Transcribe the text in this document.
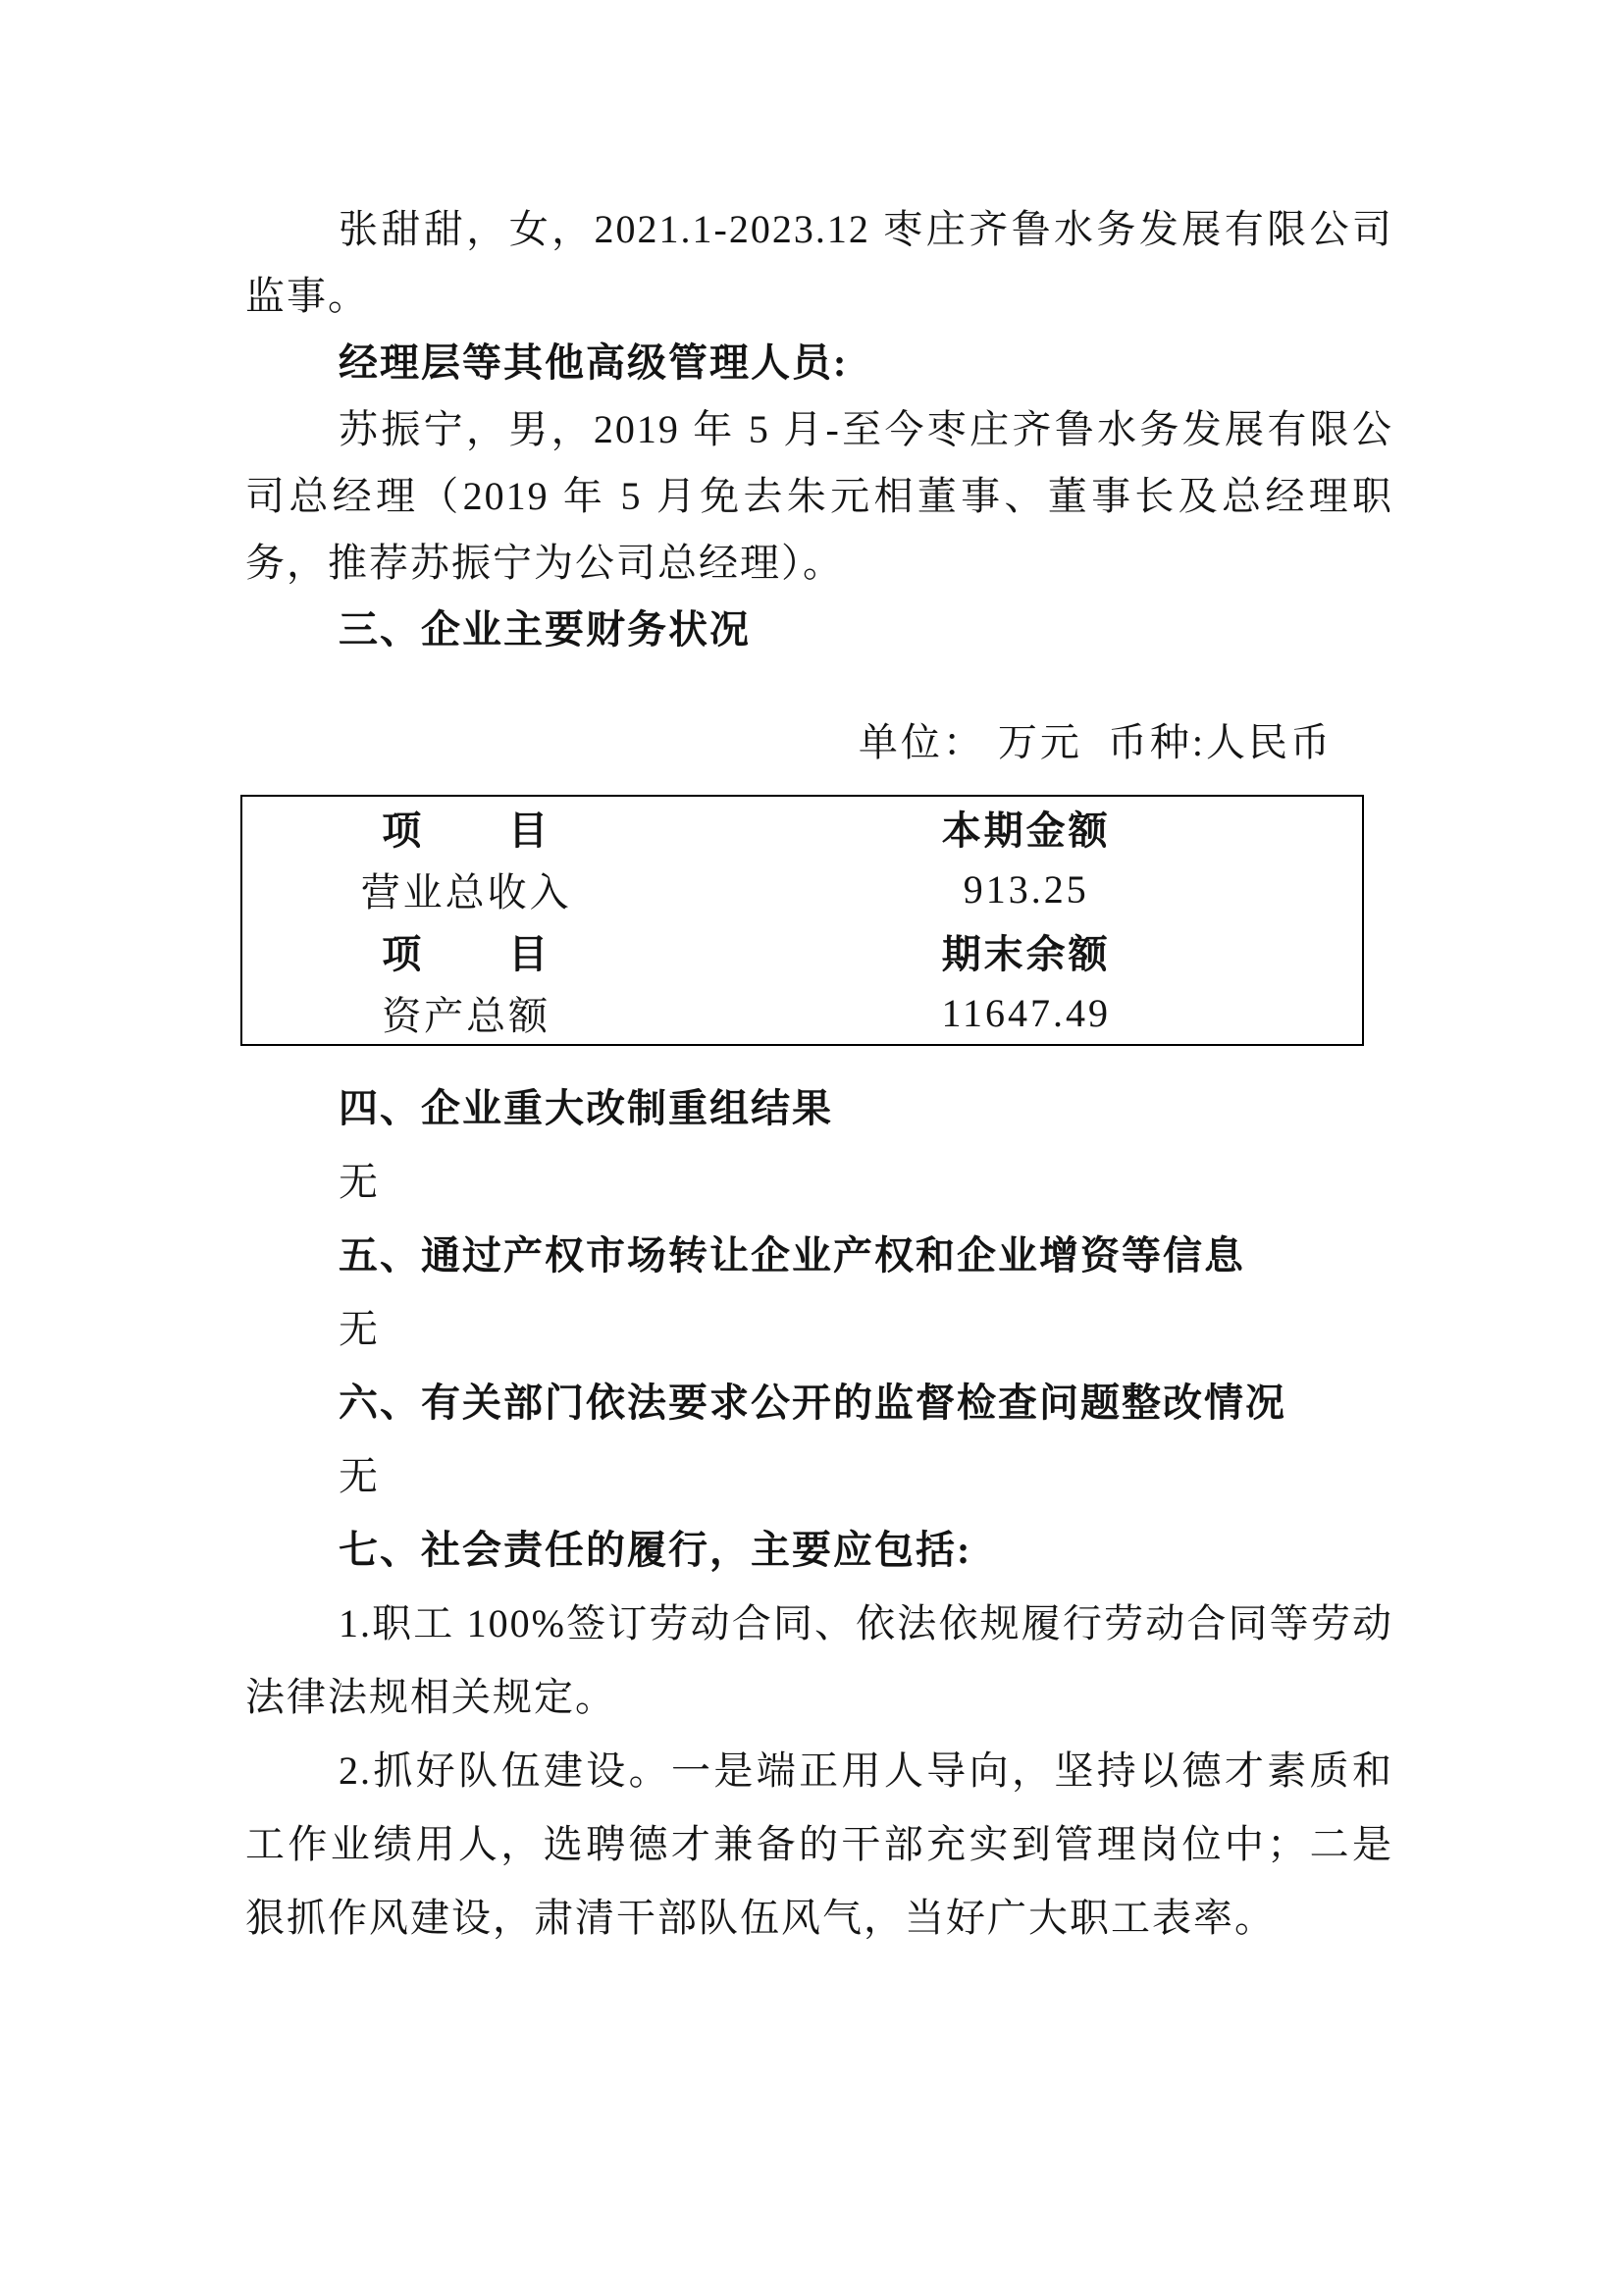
张甜甜，女，2021.1-2023.12 枣庄齐鲁水务发展有限公司监事。

经理层等其他高级管理人员:

苏振宁，男，2019 年 5 月-至今枣庄齐鲁水务发展有限公司总经理（2019 年 5 月免去朱元相董事、董事长及总经理职务，推荐苏振宁为公司总经理）。

三、企业主要财务状况

单位： 万元  币种:人民币

项　　目	本期金额
营业总收入	913.25
项　　目	期末余额
资产总额	11647.49

四、企业重大改制重组结果

无

五、通过产权市场转让企业产权和企业增资等信息

无

六、有关部门依法要求公开的监督检查问题整改情况

无

七、社会责任的履行，主要应包括:

1.职工 100%签订劳动合同、依法依规履行劳动合同等劳动法律法规相关规定。

2.抓好队伍建设。一是端正用人导向，坚持以德才素质和工作业绩用人，选聘德才兼备的干部充实到管理岗位中；二是狠抓作风建设，肃清干部队伍风气，当好广大职工表率。
